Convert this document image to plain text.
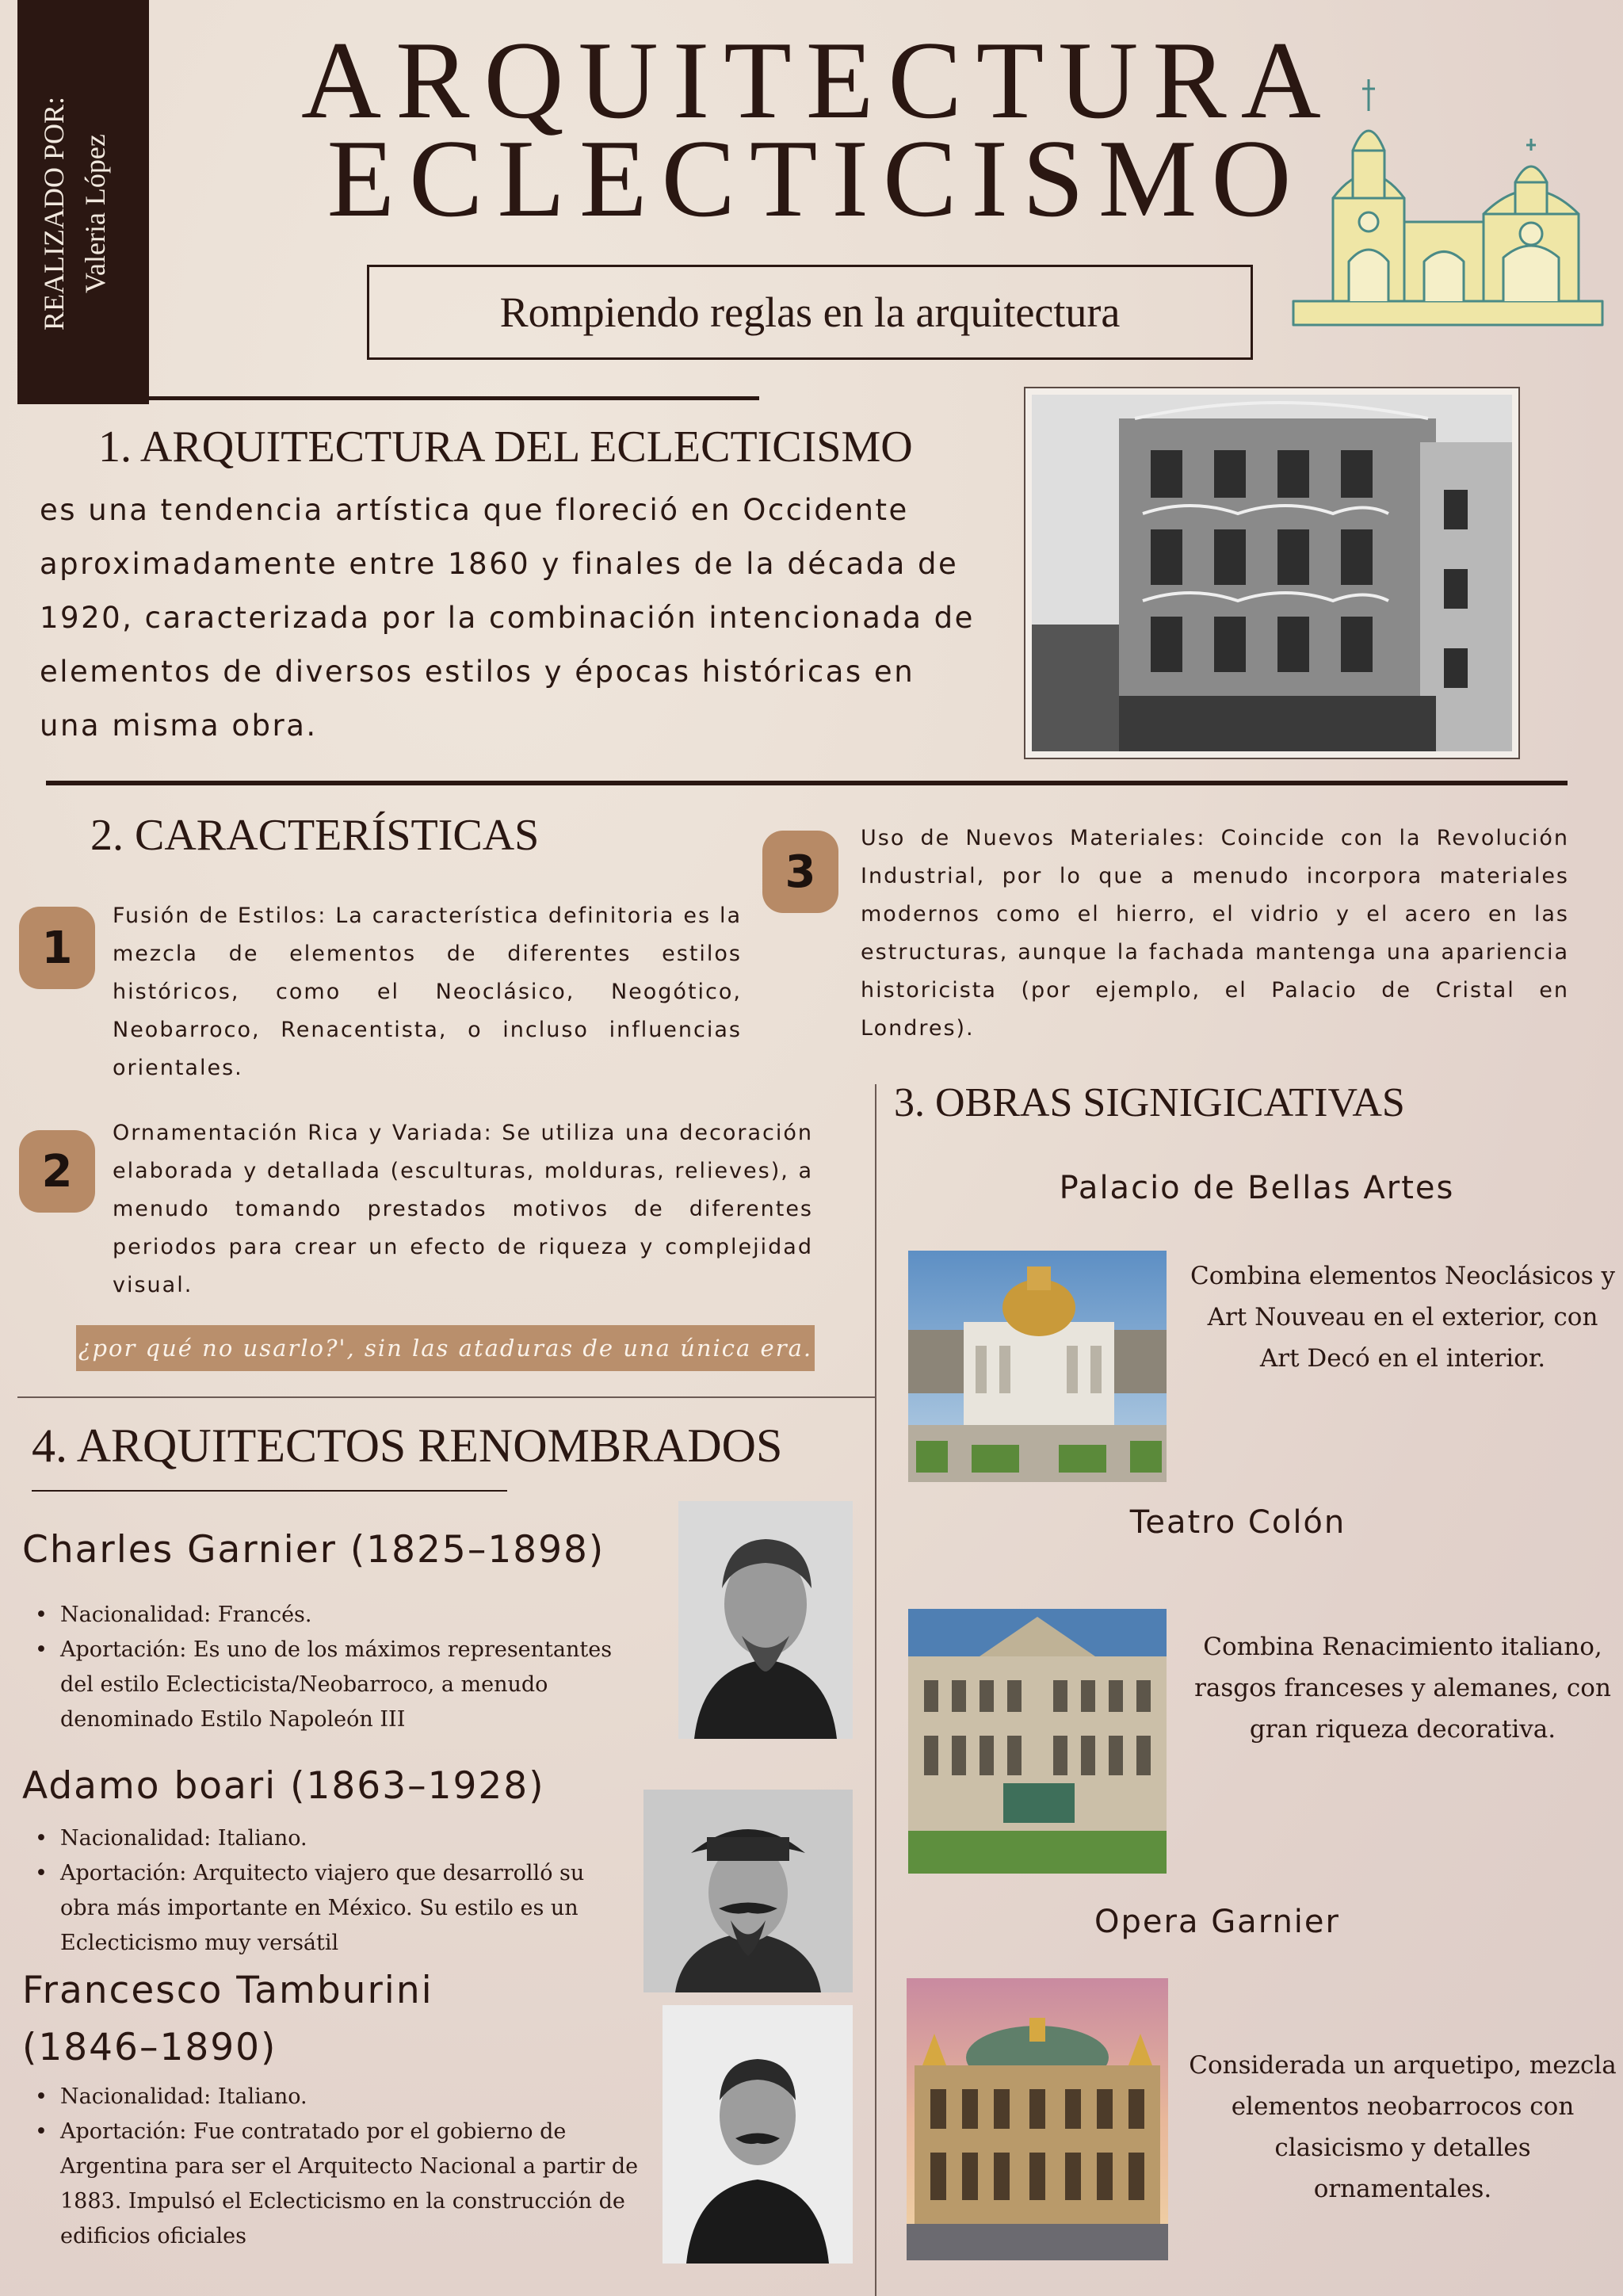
REALIZADO POR: Valeria López
ARQUITECTURA
ECLECTICISMO
Rompiendo reglas en la arquitectura
1. ARQUITECTURA DEL ECLECTICISMO
es una tendencia artística que floreció en Occidente aproximadamente entre 1860 y finales de la década de 1920, caracterizada por la combinación intencionada de elementos de diversos estilos y épocas históricas en una misma obra.
2. CARACTERÍSTICAS
1
Fusión de Estilos: La característica definitoria es la mezcla de elementos de diferentes estilos históricos, como el Neoclásico, Neogótico, Neobarroco, Renacentista, o incluso influencias orientales.
2
Ornamentación Rica y Variada: Se utiliza una decoración elaborada y detallada (esculturas, molduras, relieves), a menudo tomando prestados motivos de diferentes periodos para crear un efecto de riqueza y complejidad visual.
3
Uso de Nuevos Materiales: Coincide con la Revolución Industrial, por lo que a menudo incorpora materiales modernos como el hierro, el vidrio y el acero en las estructuras, aunque la fachada mantenga una apariencia historicista (por ejemplo, el Palacio de Cristal en Londres).
¿por qué no usarlo?', sin las ataduras de una única era.
3. OBRAS SIGNIGICATIVAS
Palacio de Bellas Artes
Combina elementos Neoclásicos y Art Nouveau en el exterior, con Art Decó en el interior.
Teatro Colón
Combina Renacimiento italiano, rasgos franceses y alemanes, con gran riqueza decorativa.
Opera Garnier
Considerada un arquetipo, mezcla elementos neobarrocos con clasicismo y detalles ornamentales.
4. ARQUITECTOS RENOMBRADOS
Charles Garnier (1825–1898)
• Nacionalidad: Francés.
• Aportación: Es uno de los máximos representantes del estilo Eclecticista/Neobarroco, a menudo denominado Estilo Napoleón III
Adamo boari (1863–1928)
• Nacionalidad: Italiano.
• Aportación: Arquitecto viajero que desarrolló su obra más importante en México. Su estilo es un Eclecticismo muy versátil
Francesco Tamburini
(1846–1890)
• Nacionalidad: Italiano.
• Aportación: Fue contratado por el gobierno de Argentina para ser el Arquitecto Nacional a partir de 1883. Impulsó el Eclecticismo en la construcción de edificios oficiales
